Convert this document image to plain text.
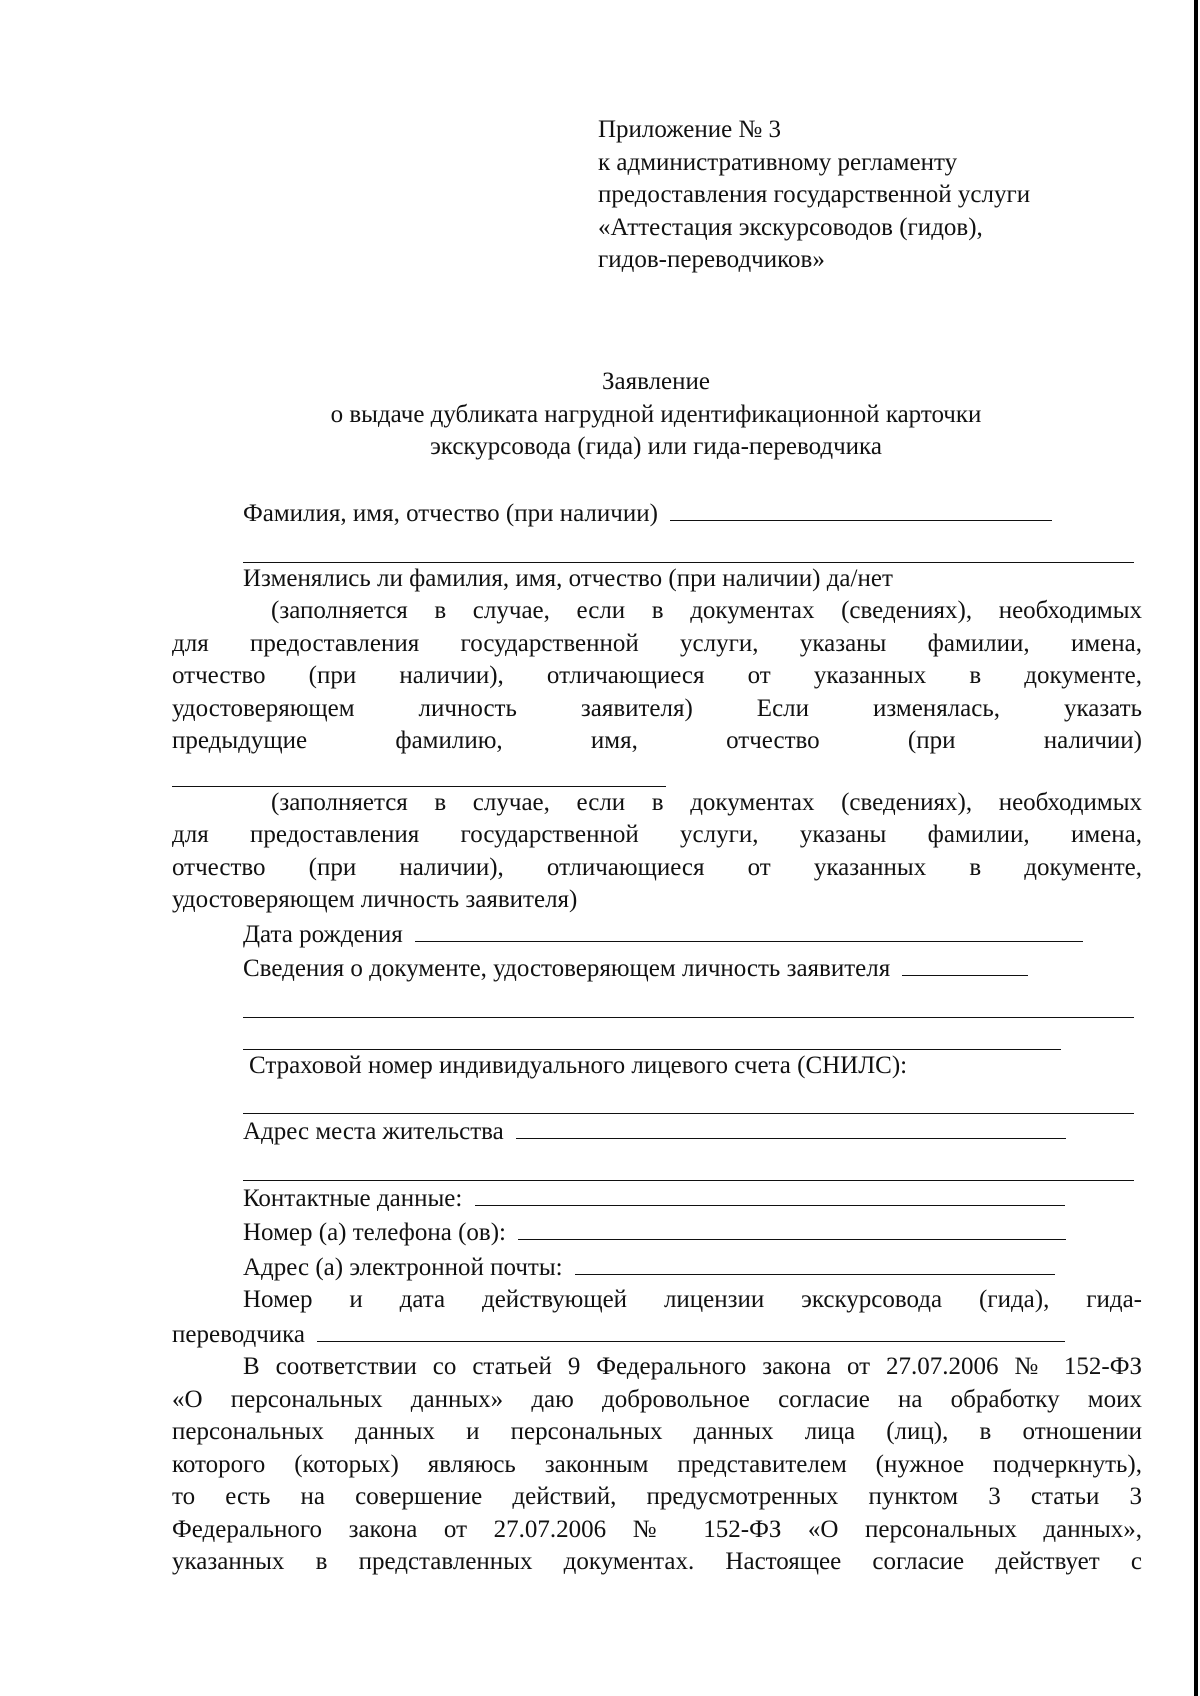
Приложение № 3
к административному регламенту
предоставления государственной услуги
«Аттестация экскурсоводов (гидов),
гидов-переводчиков»
Заявление
о выдаче дубликата нагрудной идентификационной карточки
экскурсовода (гида) или гида-переводчика
Фамилия, имя, отчество (при наличии)
Изменялись ли фамилия, имя, отчество (при наличии) да/нет
(заполняется в случае, если в документах (сведениях), необходимых
для предоставления государственной услуги, указаны фамилии, имена,
отчество (при наличии), отличающиеся от указанных в документе,
удостоверяющем личность заявителя) Если изменялась, указать
предыдущие фамилию, имя, отчество (при наличии)
(заполняется в случае, если в документах (сведениях), необходимых
для предоставления государственной услуги, указаны фамилии, имена,
отчество (при наличии), отличающиеся от указанных в документе,
удостоверяющем личность заявителя)
Дата рождения
Сведения о документе, удостоверяющем личность заявителя
Страховой номер индивидуального лицевого счета (СНИЛС):
Адрес места жительства
Контактные данные:
Номер (а) телефона (ов):
Адрес (а) электронной почты:
Номер и дата действующей лицензии экскурсовода (гида), гида-
переводчика
В соответствии со статьей 9 Федерального закона от 27.07.2006 № 152-ФЗ
«О персональных данных» даю добровольное согласие на обработку моих
персональных данных и персональных данных лица (лиц), в отношении
которого (которых) являюсь законным представителем (нужное подчеркнуть),
то есть на совершение действий, предусмотренных пунктом 3 статьи 3
Федерального закона от 27.07.2006 № 152-ФЗ «О персональных данных»,
указанных в представленных документах. Настоящее согласие действует с
